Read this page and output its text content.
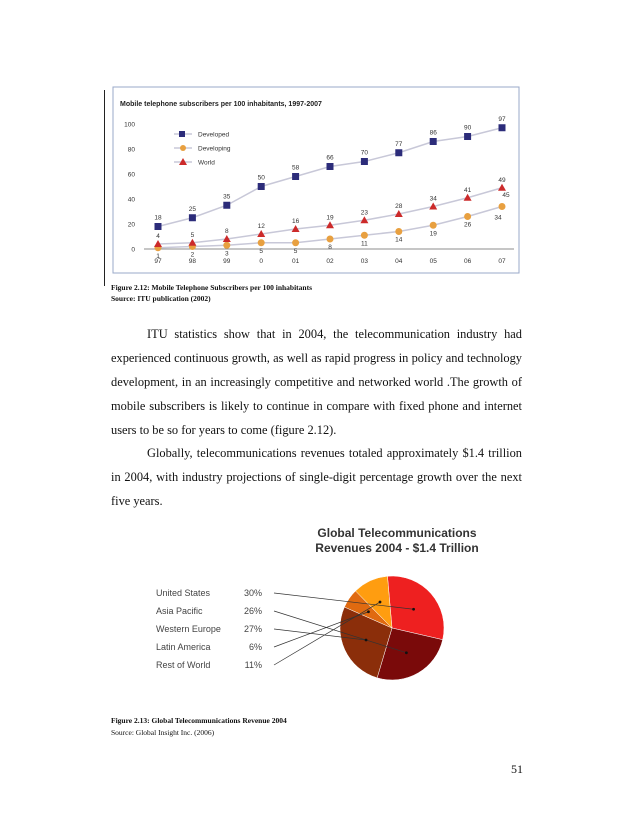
Mobile telephone subscribers per 100 inhabitants, 1997-2007
0
20
40
60
80
100
97	98	99	0	01	02	03	04	05	06	07
18
25
35
50
58
66
70
77
86
90
97
1	2	3	5	5
8
11
14
19
26
34
45
4	5
8
12
16
19
23
28
34
41
49
Developed
Developing
World
Figure 2.12: Mobile Telephone Subscribers per 100 inhabitants
Source: ITU publication (2002)

ITU statistics show that in 2004, the telecommunication industry had experienced continuous growth, as well as rapid progress in policy and technology development, in an increasingly competitive and networked world .The growth of mobile subscribers is likely to continue in compare with fixed phone and internet users to be so for years to come (figure 2.12).

Globally, telecommunications revenues totaled approximately $1.4 trillion in 2004, with industry projections of single-digit percentage growth over the next five years.

Global Telecommunications
Revenues 2004 - $1.4 Trillion
United States	30%
Asia Pacific	26%
Western Europe	27%
Latin America	6%
Rest of World	11%
Figure 2.13: Global Telecommunications Revenue 2004
Source: Global Insight Inc. (2006)
51
